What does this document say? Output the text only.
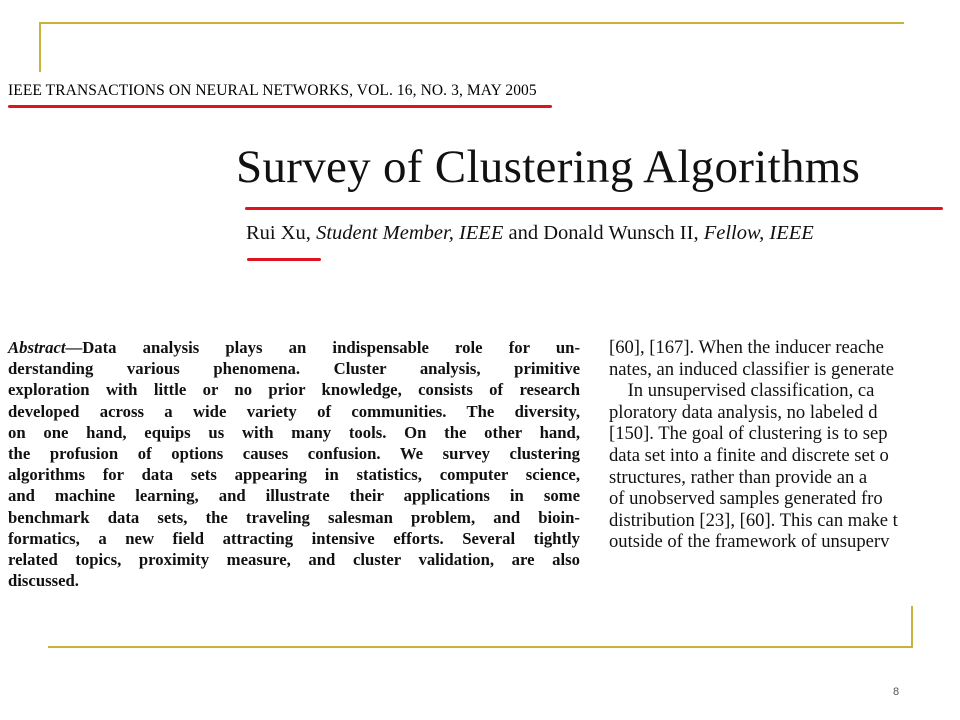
IEEE TRANSACTIONS ON NEURAL NETWORKS, VOL. 16, NO. 3, MAY 2005
Survey of Clustering Algorithms
Rui Xu, Student Member, IEEE and Donald Wunsch II, Fellow, IEEE
Abstract—Data analysis plays an indispensable role for un-
derstanding various phenomena. Cluster analysis, primitive
exploration with little or no prior knowledge, consists of research
developed across a wide variety of communities. The diversity,
on one hand, equips us with many tools. On the other hand,
the profusion of options causes confusion. We survey clustering
algorithms for data sets appearing in statistics, computer science,
and machine learning, and illustrate their applications in some
benchmark data sets, the traveling salesman problem, and bioin-
formatics, a new field attracting intensive efforts. Several tightly
related topics, proximity measure, and cluster validation, are also
discussed.
[60], [167]. When the inducer reache
nates, an induced classifier is generate
In unsupervised classification, ca
ploratory data analysis, no labeled d
[150]. The goal of clustering is to sep
data set into a finite and discrete set o
structures, rather than provide an a
of unobserved samples generated fro
distribution [23], [60]. This can make t
outside of the framework of unsuperv
8
